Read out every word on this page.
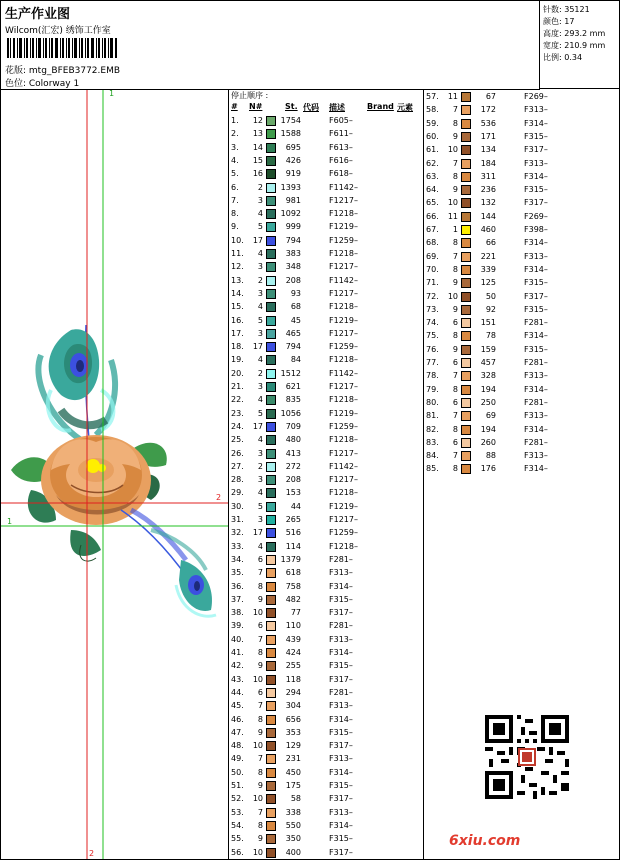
生产作业图
Wilcom(汇宏) 绣饰工作室
花版: mtg_BFEB3772.EMB
色位: Colorway 1
针数: 35121
颜色: 17
高度: 293.2 mm
宽度: 210.9 mm
比例: 0.34
1
2
1
2
停止顺序 :
# N#	St. 代码 描述	Brand 元素
1.	12	1754	F605–
2.	13	1588	F611–
3.	14	695	F613–
4.	15	426	F616–
5.	16	919	F618–
6.	2	1393	F1142–
7.	3	981	F1217–
8.	4	1092	F1218–
9.	5	999	F1219–
10.	17	794	F1259–
11.	4	383	F1218–
12.	3	348	F1217–
13.	2	208	F1142–
14.	3	93	F1217–
15.	4	68	F1218–
16.	5	45	F1219–
17.	3	465	F1217–
18.	17	794	F1259–
19.	4	84	F1218–
20.	2	1512	F1142–
21.	3	621	F1217–
22.	4	835	F1218–
23.	5	1056	F1219–
24.	17	709	F1259–
25.	4	480	F1218–
26.	3	413	F1217–
27.	2	272	F1142–
28.	3	208	F1217–
29.	4	153	F1218–
30.	5	44	F1219–
31.	3	265	F1217–
32.	17	516	F1259–
33.	4	114	F1218–
34.	6	1379	F281–
35.	7	618	F313–
36.	8	758	F314–
37.	9	482	F315–
38.	10	77	F317–
39.	6	110	F281–
40.	7	439	F313–
41.	8	424	F314–
42.	9	255	F315–
43.	10	118	F317–
44.	6	294	F281–
45.	7	304	F313–
46.	8	656	F314–
47.	9	353	F315–
48.	10	129	F317–
49.	7	231	F313–
50.	8	450	F314–
51.	9	175	F315–
52.	10	58	F317–
53.	7	338	F313–
54.	8	550	F314–
55.	9	350	F315–
56.	10	400	F317–
57.	11	67	F269–
58.	7	172	F313–
59.	8	536	F314–
60.	9	171	F315–
61.	10	134	F317–
62.	7	184	F313–
63.	8	311	F314–
64.	9	236	F315–
65.	10	132	F317–
66.	11	144	F269–
67.	1	460	F398–
68.	8	66	F314–
69.	7	221	F313–
70.	8	339	F314–
71.	9	125	F315–
72.	10	50	F317–
73.	9	92	F315–
74.	6	151	F281–
75.	8	78	F314–
76.	9	159	F315–
77.	6	457	F281–
78.	7	328	F313–
79.	8	194	F314–
80.	6	250	F281–
81.	7	69	F313–
82.	8	194	F314–
83.	6	260	F281–
84.	7	88	F313–
85.	8	176	F314–
6xiu.com
